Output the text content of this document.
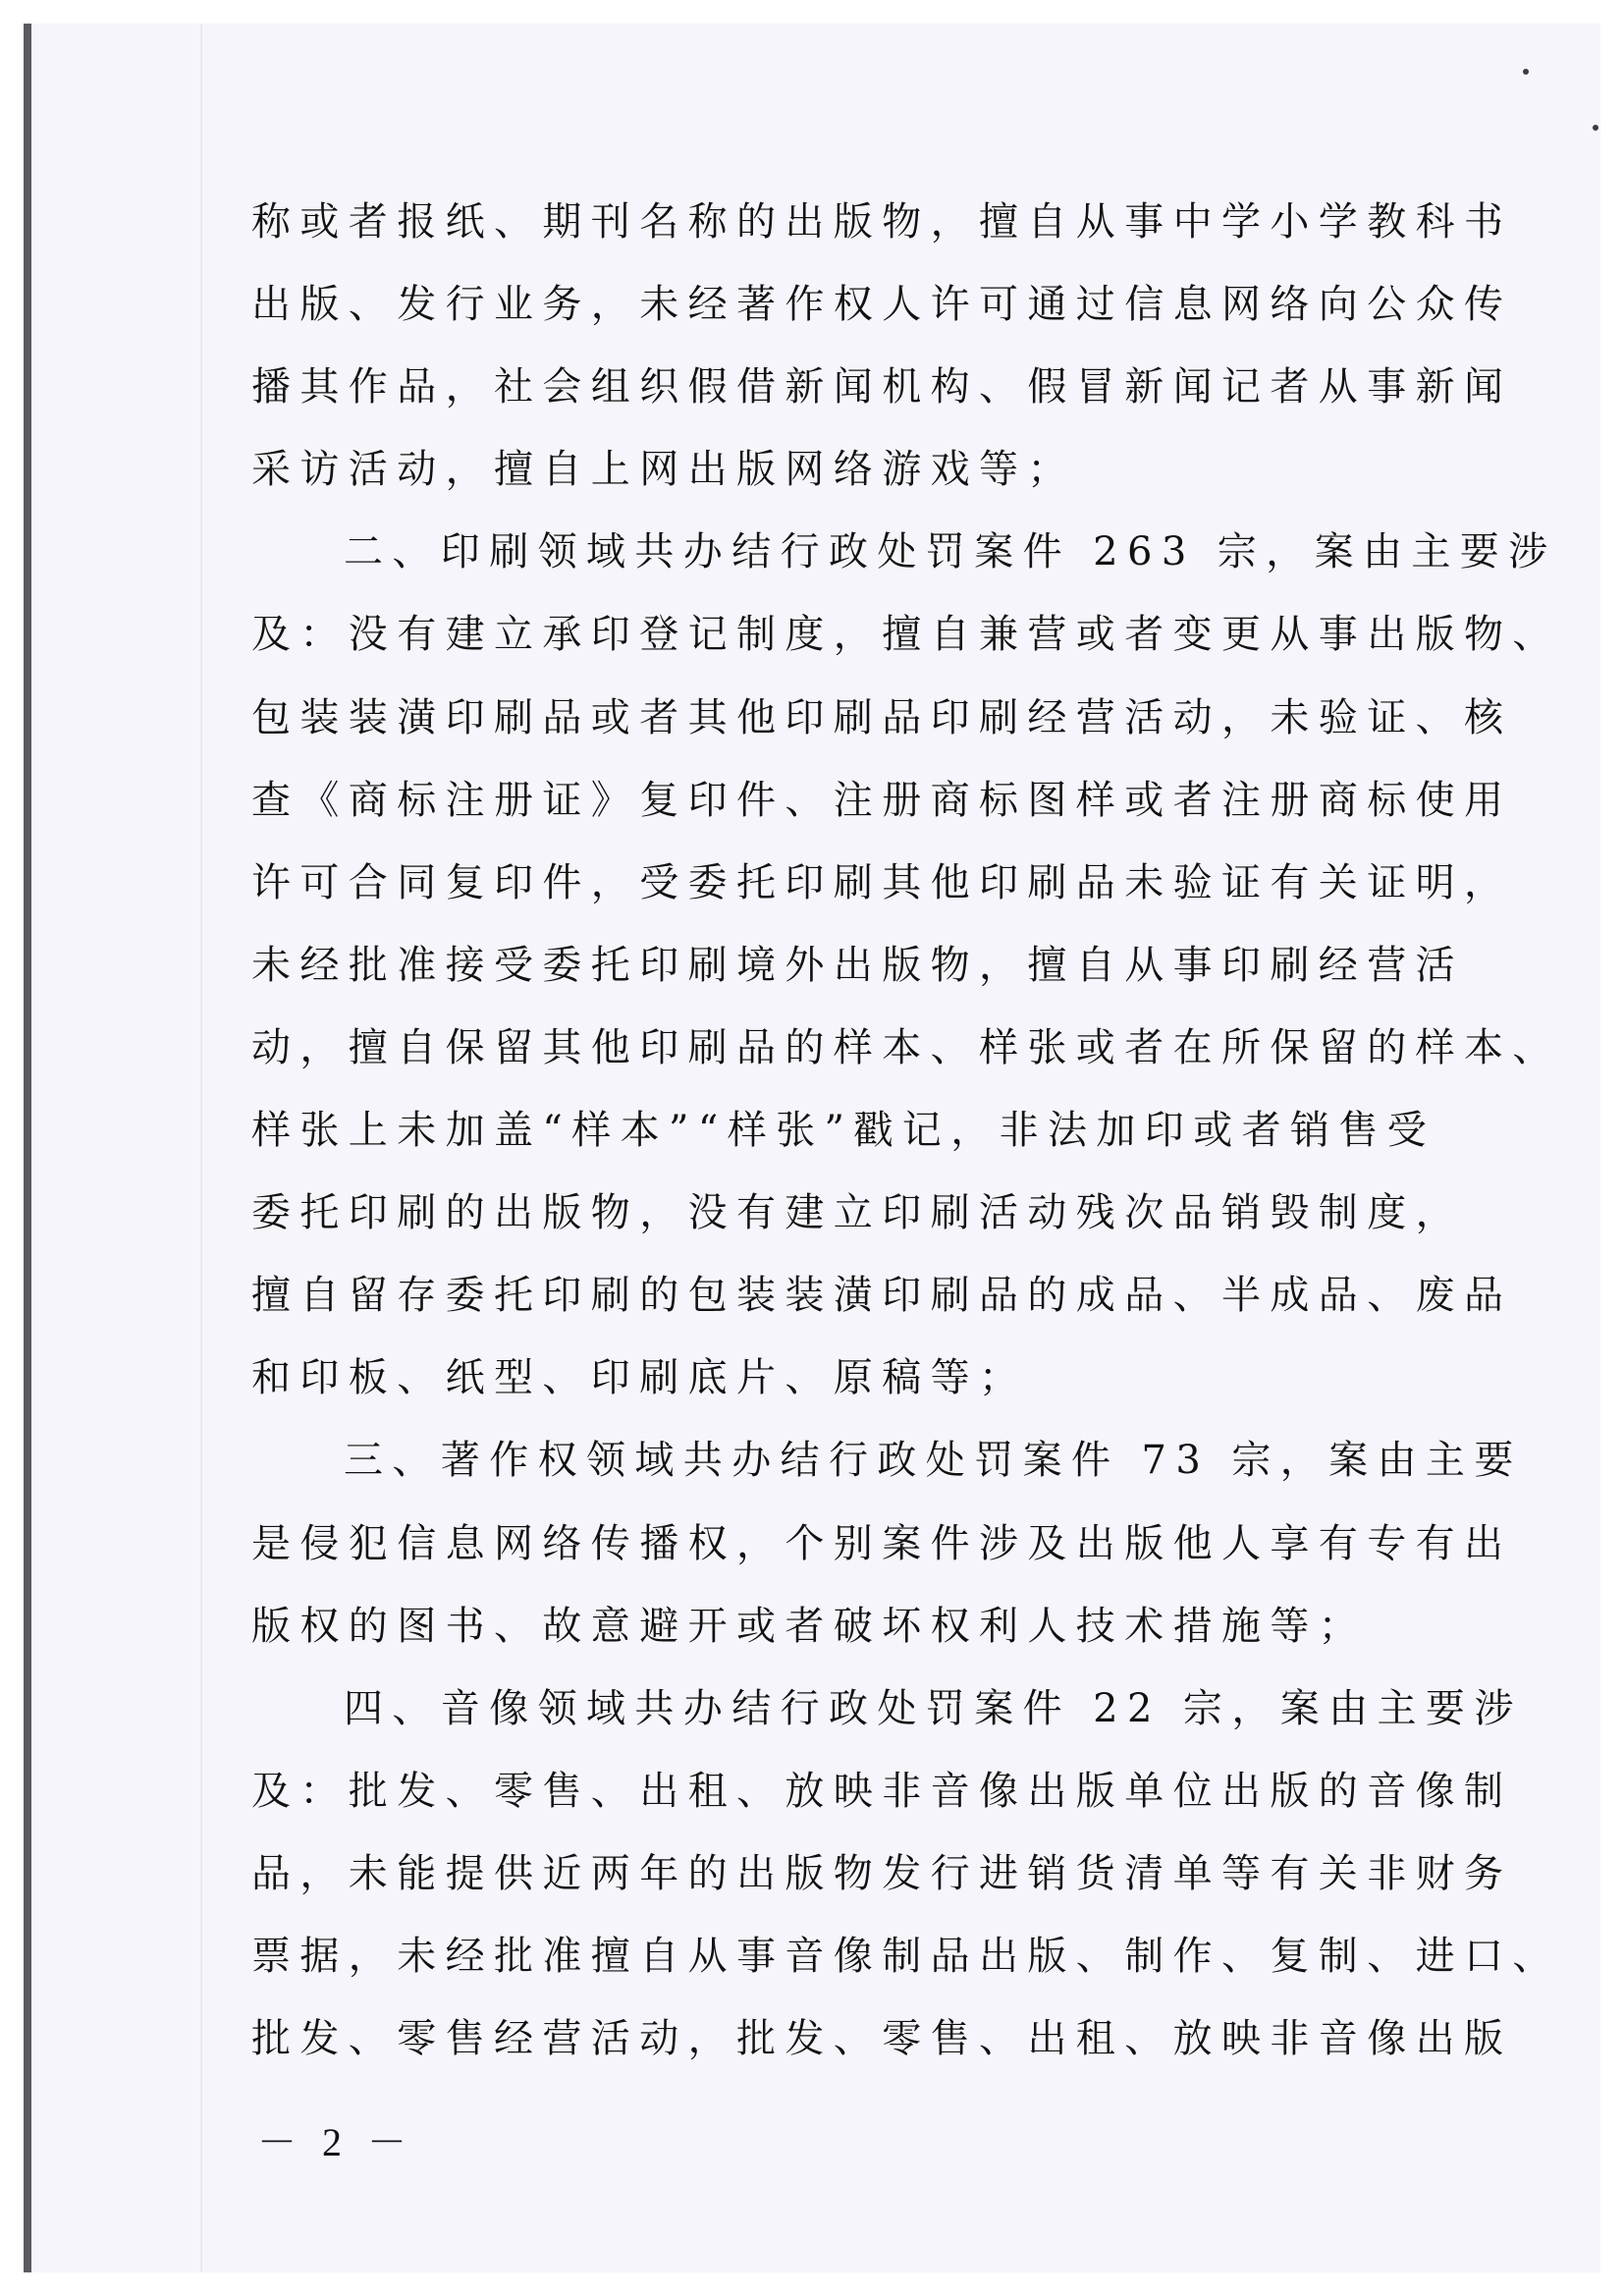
称或者报纸、期刊名称的出版物，擅自从事中学小学教科书
出版、发行业务，未经著作权人许可通过信息网络向公众传
播其作品，社会组织假借新闻机构、假冒新闻记者从事新闻
采访活动，擅自上网出版网络游戏等；
二、印刷领域共办结行政处罚案件 263 宗，案由主要涉
及：没有建立承印登记制度，擅自兼营或者变更从事出版物、
包装装潢印刷品或者其他印刷品印刷经营活动，未验证、核
查《商标注册证》复印件、注册商标图样或者注册商标使用
许可合同复印件，受委托印刷其他印刷品未验证有关证明，
未经批准接受委托印刷境外出版物，擅自从事印刷经营活
动，擅自保留其他印刷品的样本、样张或者在所保留的样本、
样张上未加盖“样本”“样张”戳记，非法加印或者销售受
委托印刷的出版物，没有建立印刷活动残次品销毁制度，
擅自留存委托印刷的包装装潢印刷品的成品、半成品、废品
和印板、纸型、印刷底片、原稿等；
三、著作权领域共办结行政处罚案件 73 宗，案由主要
是侵犯信息网络传播权，个别案件涉及出版他人享有专有出
版权的图书、故意避开或者破坏权利人技术措施等；
四、音像领域共办结行政处罚案件 22 宗，案由主要涉
及：批发、零售、出租、放映非音像出版单位出版的音像制
品，未能提供近两年的出版物发行进销货清单等有关非财务
票据，未经批准擅自从事音像制品出版、制作、复制、进口、
批发、零售经营活动，批发、零售、出租、放映非音像出版
－ 2 －
